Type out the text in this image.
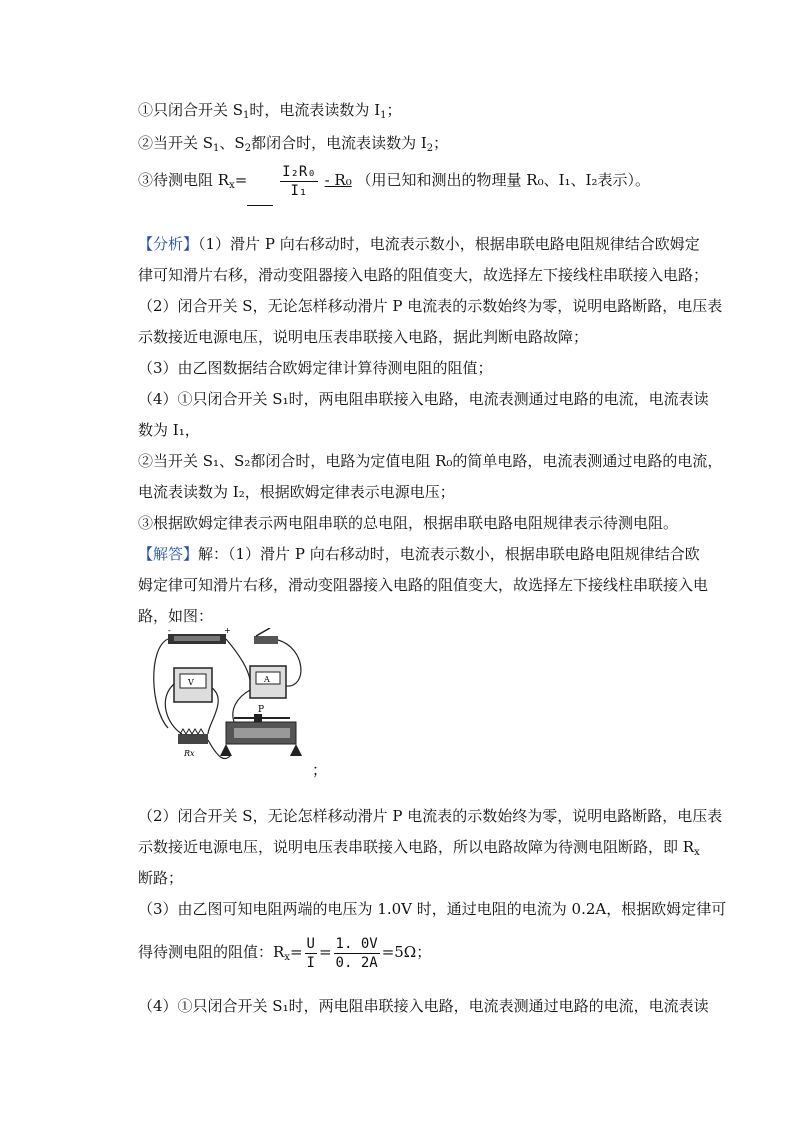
①只闭合开关 $S_1$时，电流表读数为 $I_1$；
②当开关 $S_1$、$S_2$都闭合时，电流表读数为 $I_2$；
③待测电阻 $R_x= \frac{\text{I₂R₀}}{\text{I₁}} - R_0$ （用已知和测出的物理量 R₀、I₁、I₂表示）。
【分析】（1）滑片 P 向右移动时，电流表示数小，根据串联电路电阻规律结合欧姆定
律可知滑片右移，滑动变阻器接入电路的阻值变大，故选择左下接线柱串联接入电路；
（2）闭合开关 S，无论怎样移动滑片 P 电流表的示数始终为零，说明电路断路，电压表
示数接近电源电压，说明电压表串联接入电路，据此判断电路故障；
（3）由乙图数据结合欧姆定律计算待测电阻的阻值；
（4）①只闭合开关 S₁时，两电阻串联接入电路，电流表测通过电路的电流，电流表读
数为 I₁，
②当开关 S₁、S₂都闭合时，电路为定值电阻 R₀的简单电路，电流表测通过电路的电流，
电流表读数为 I₂，根据欧姆定律表示电源电压；
③根据欧姆定律表示两电阻串联的总电阻，根据串联电路电阻规律表示待测电阻。
【解答】解：（1）滑片 P 向右移动时，电流表示数小，根据串联电路电阻规律结合欧
姆定律可知滑片右移，滑动变阻器接入电路的阻值变大，故选择左下接线柱串联接入电
路，如图：
-	+
V	A
P
Rx
；
（2）闭合开关 S，无论怎样移动滑片 P 电流表的示数始终为零，说明电路断路，电压表
示数接近电源电压，说明电压表串联接入电路，所以电路故障为待测电阻断路，即 $R_x$
断路；
（3）由乙图可知电阻两端的电压为 1.0V 时，通过电阻的电流为 0.2A，根据欧姆定律可
得待测电阻的阻值：$R_x= \frac{U}{I} = \frac{1. 0V}{0. 2A} =5\Omega$；
（4）①只闭合开关 S₁时，两电阻串联接入电路，电流表测通过电路的电流，电流表读
